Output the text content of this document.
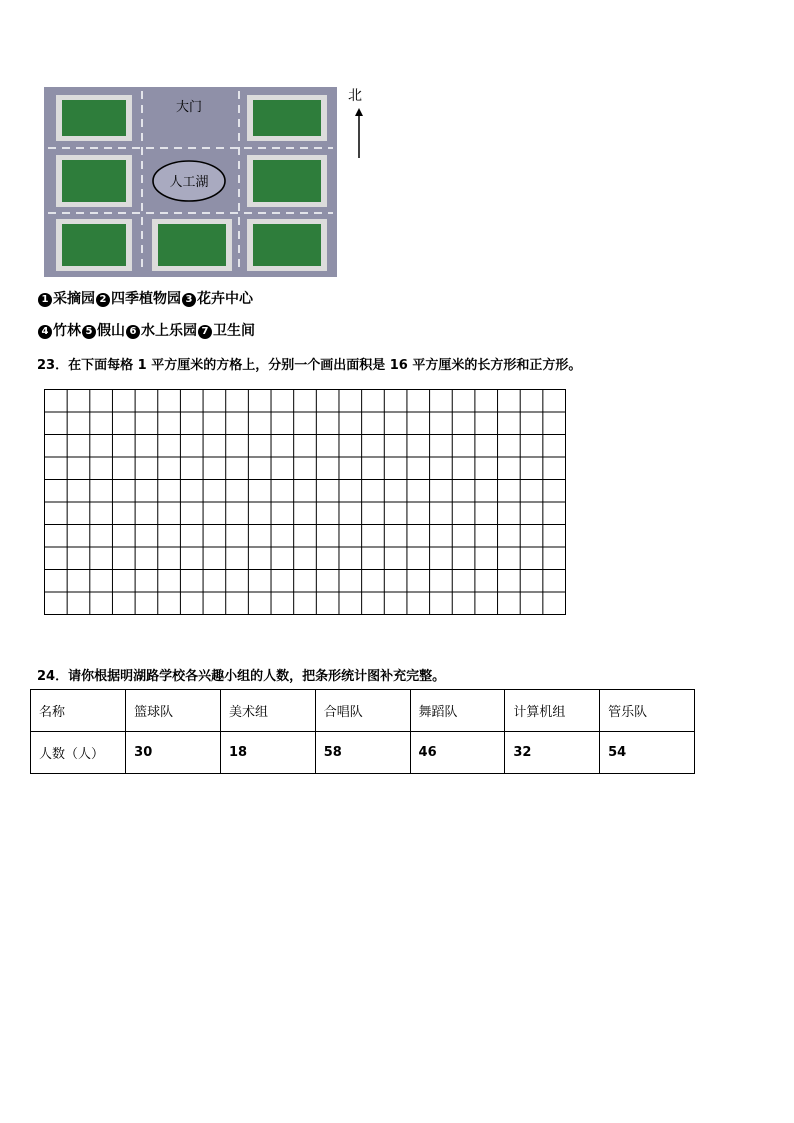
大门
人工湖
北
1 采摘园 2 四季植物园 3 花卉中心
4 竹林 5 假山 6 水上乐园 7 卫生间
23．在下面每格 1 平方厘米的方格上，分别一个画出面积是 16 平方厘米的长方形和正方形。
24．请你根据明湖路学校各兴趣小组的人数，把条形统计图补充完整。
名称	篮球队	美术组	合唱队	舞蹈队	计算机组	管乐队
人数（人）	30	18	58	46	32	54
